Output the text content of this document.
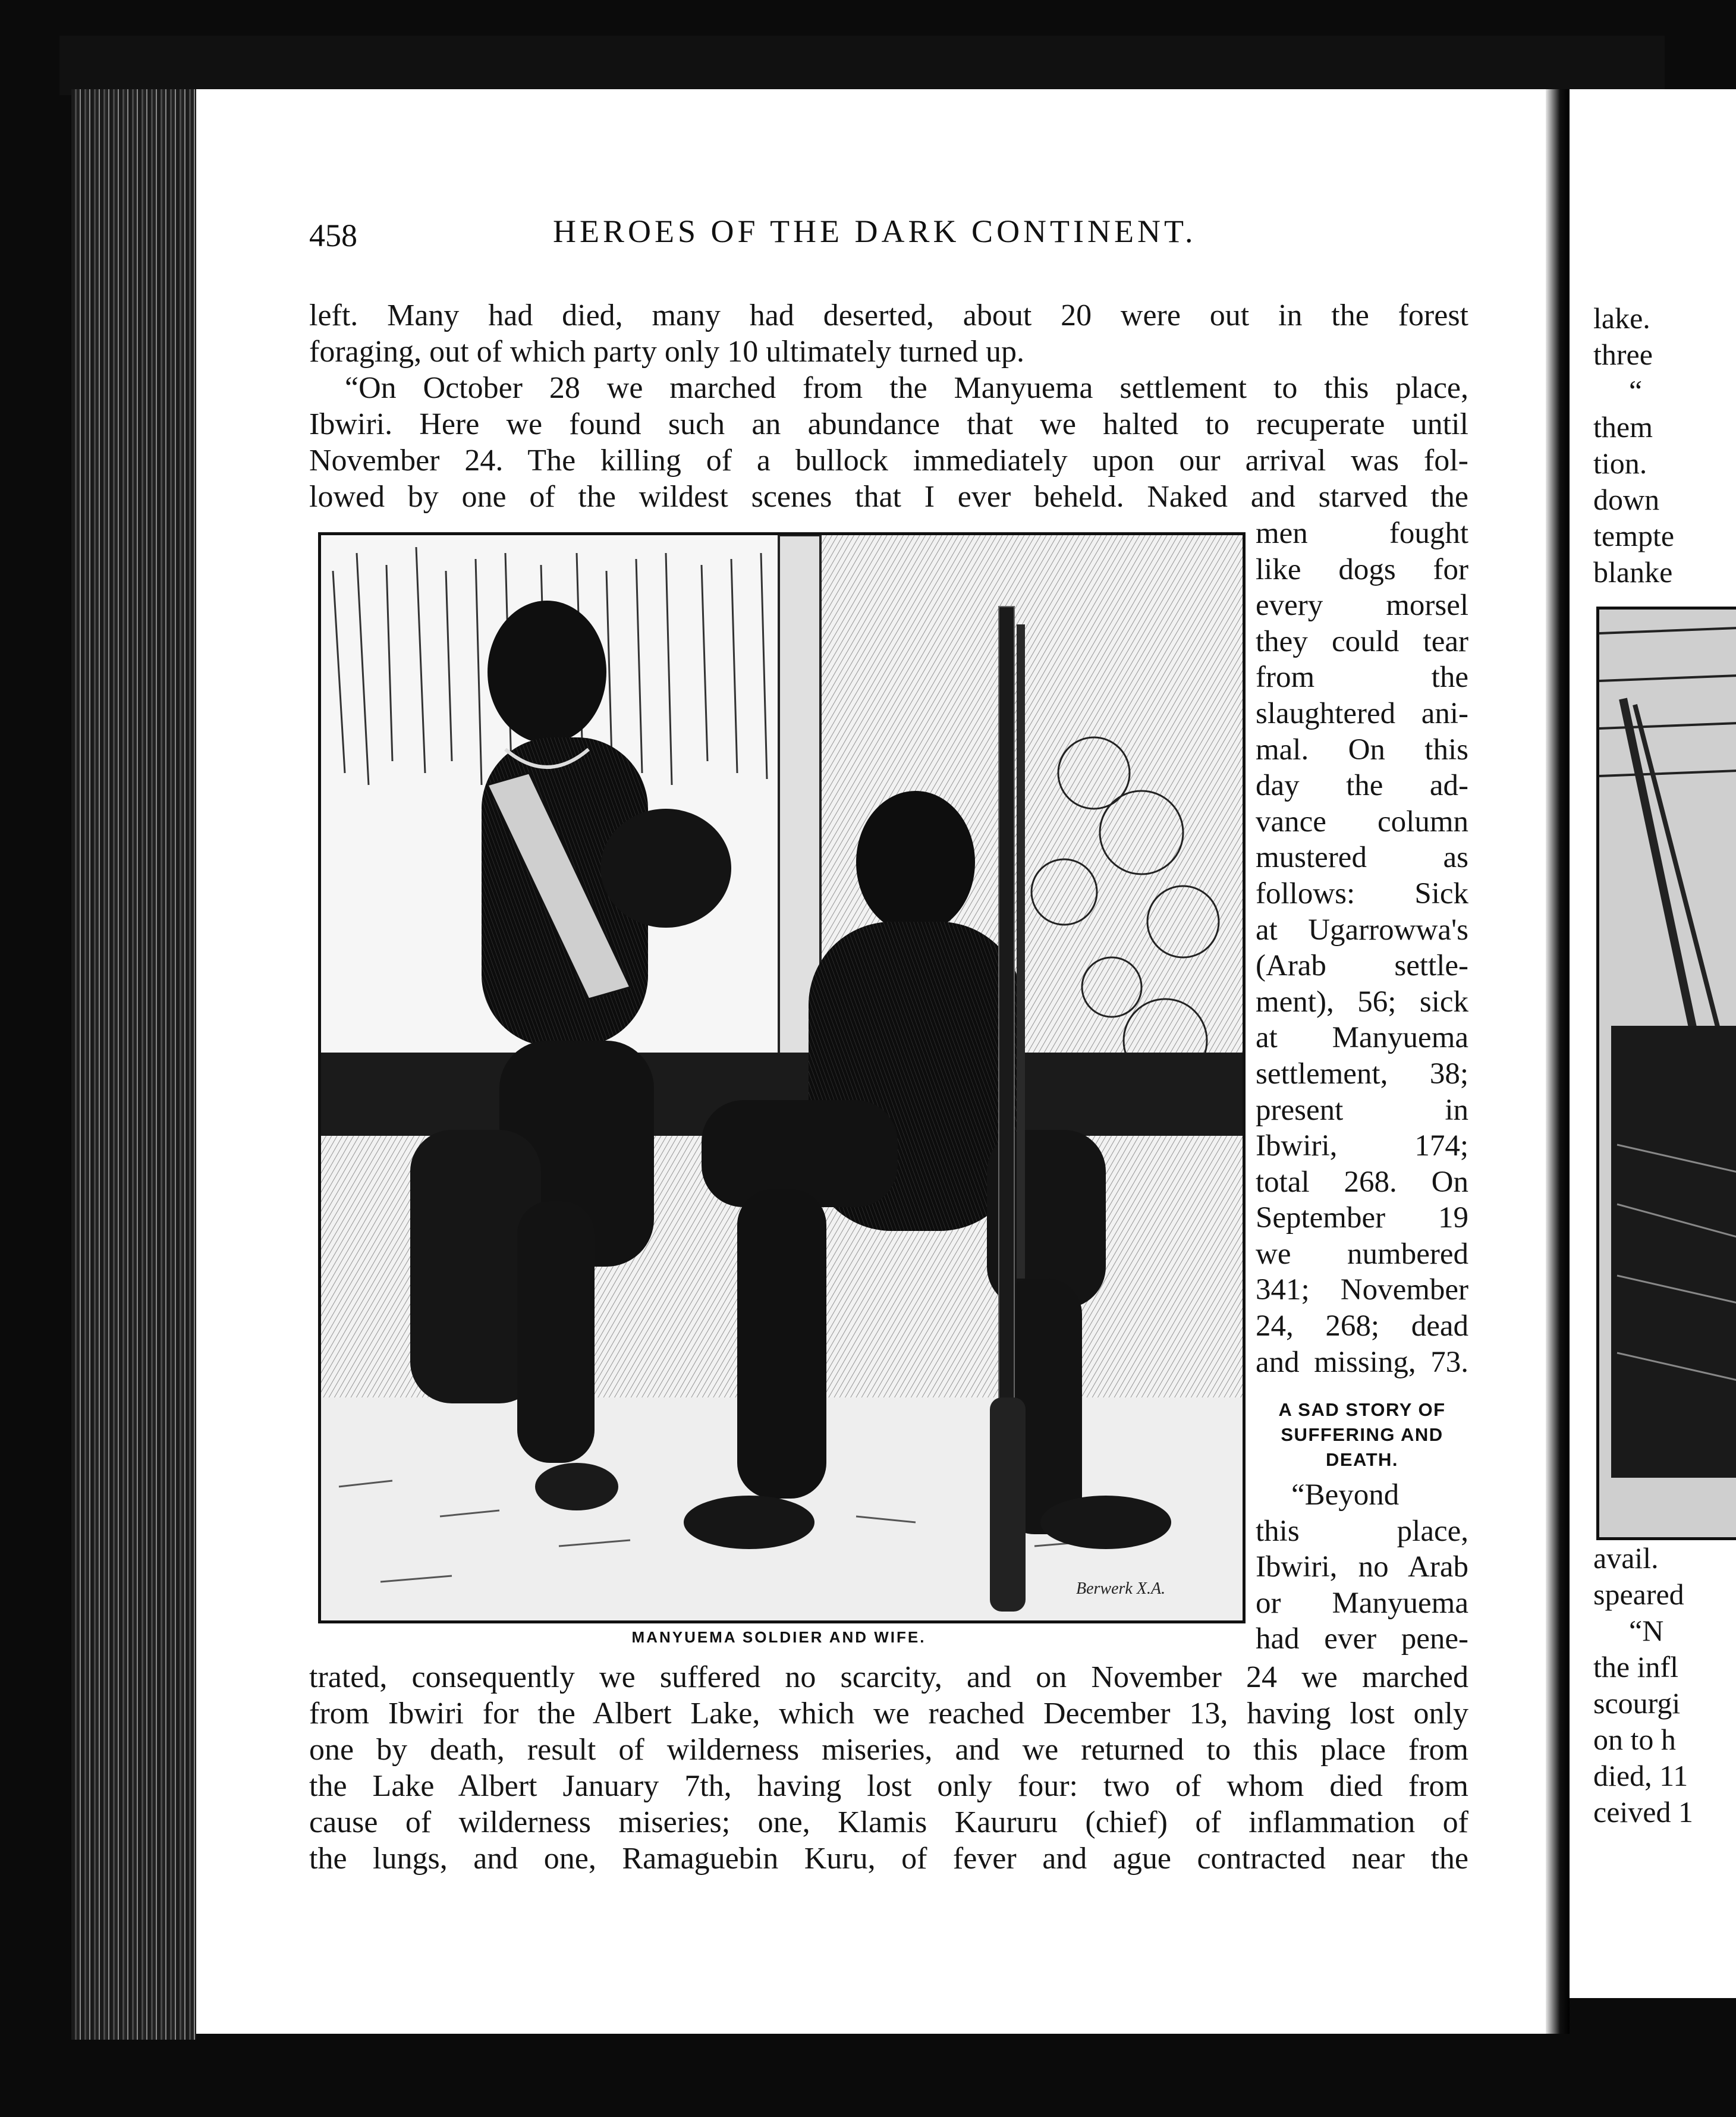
458	HEROES OF THE DARK CONTINENT.
left. Many had died, many had deserted, about 20 were out in the forest
foraging, out of which party only 10 ultimately turned up.
“On October 28 we marched from the Manyuema settlement to this place,
Ibwiri. Here we found such an abundance that we halted to recuperate until
November 24. The killing of a bullock immediately upon our arrival was fol-
lowed by one of the wildest scenes that I ever beheld. Naked and starved the
men fought
like dogs for
every morsel
they could tear
from the
slaughtered ani-
mal. On this
day the ad-
vance column
mustered as
follows: Sick
at Ugarrowwa's
(Arab settle-
ment), 56; sick
at Manyuema
settlement, 38;
present in
Ibwiri, 174;
total 268. On
September 19
we numbered
341; November
24, 268; dead
and missing, 73.
A SAD STORY OF
SUFFERING AND
DEATH.
“Beyond
this place,
Ibwiri, no Arab
or Manyuema
had ever pene-
Berwerk X.A.
MANYUEMA SOLDIER AND WIFE.
trated, consequently we suffered no scarcity, and on November 24 we marched
from Ibwiri for the Albert Lake, which we reached December 13, having lost only
one by death, result of wilderness miseries, and we returned to this place from
the Lake Albert January 7th, having lost only four: two of whom died from
cause of wilderness miseries; one, Klamis Kaururu (chief) of inflammation of
the lungs, and one, Ramaguebin Kuru, of fever and ague contracted near the
lake.
three
“
them
tion.
down
tempte
blanke
avail.
speared
“N
the infl
scourgi
on to h
died, 11
ceived 1
